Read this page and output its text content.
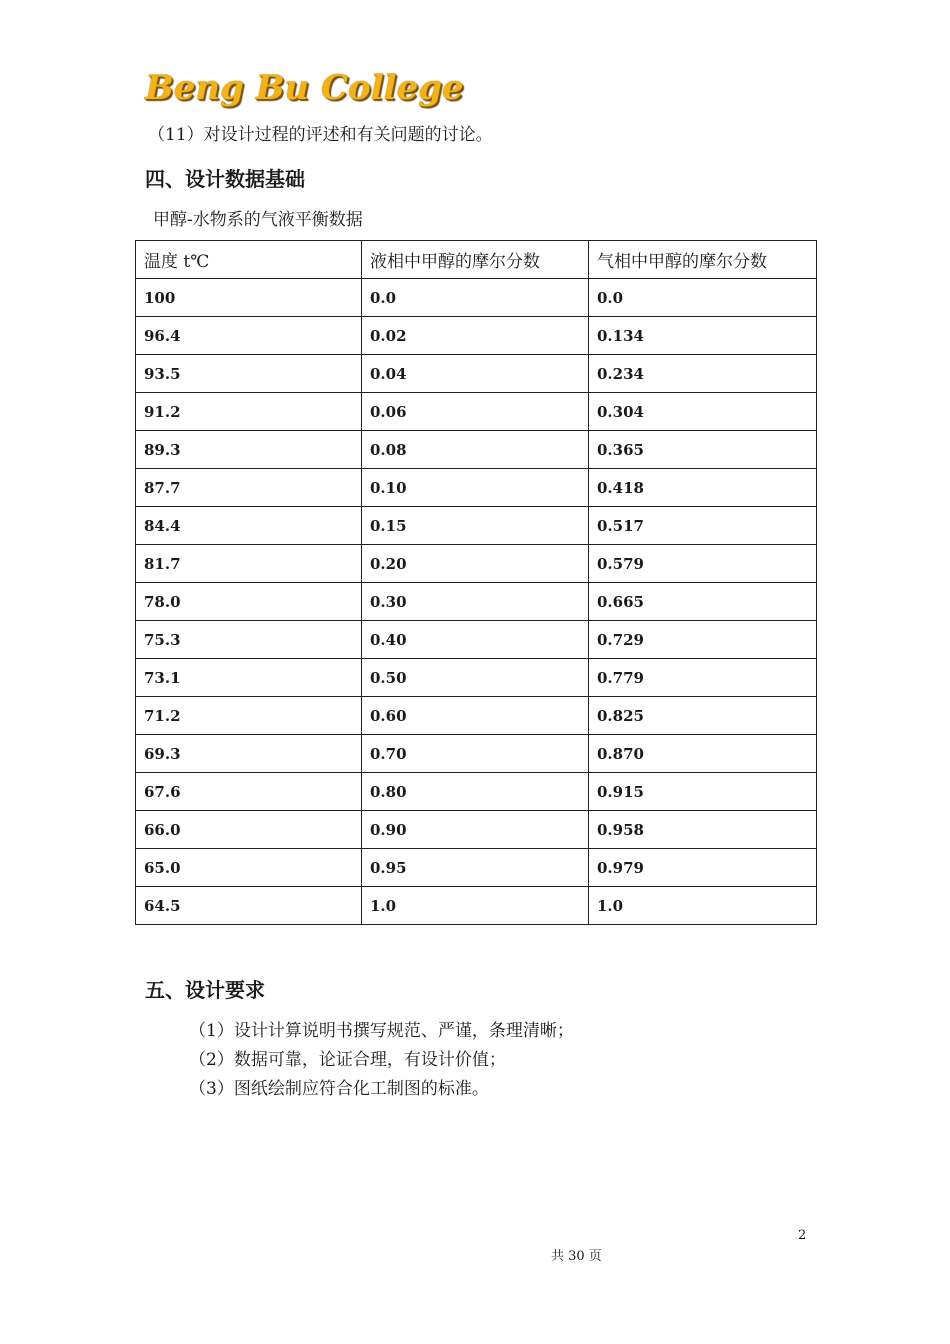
Beng Bu College
（11）对设计过程的评述和有关问题的讨论。
四、设计数据基础
甲醇-水物系的气液平衡数据
温度 t℃	液相中甲醇的摩尔分数	气相中甲醇的摩尔分数
100	0.0	0.0
96.4	0.02	0.134
93.5	0.04	0.234
91.2	0.06	0.304
89.3	0.08	0.365
87.7	0.10	0.418
84.4	0.15	0.517
81.7	0.20	0.579
78.0	0.30	0.665
75.3	0.40	0.729
73.1	0.50	0.779
71.2	0.60	0.825
69.3	0.70	0.870
67.6	0.80	0.915
66.0	0.90	0.958
65.0	0.95	0.979
64.5	1.0	1.0
五、设计要求
（1）设计计算说明书撰写规范、严谨，条理清晰；
（2）数据可靠，论证合理，有设计价值；
（3）图纸绘制应符合化工制图的标准。
2
共 30 页
